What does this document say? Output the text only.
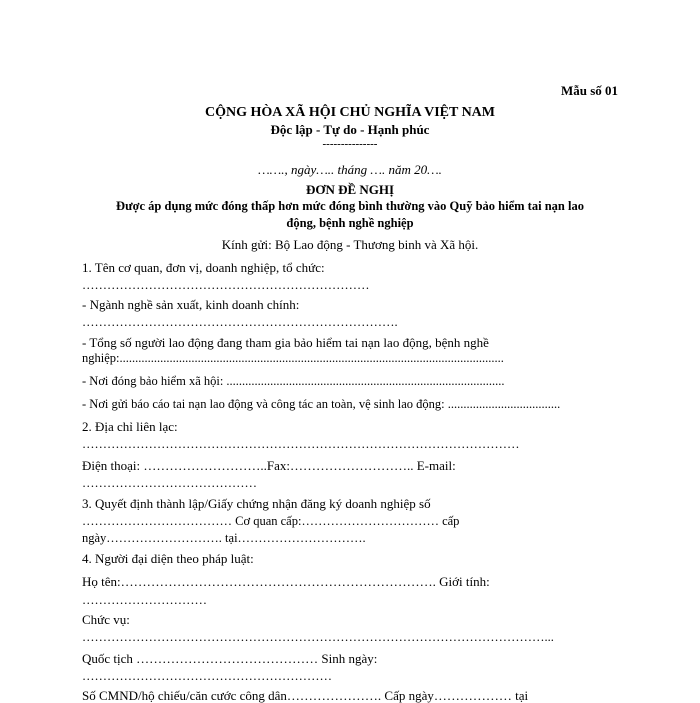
Mẫu số 01
CỘNG HÒA XÃ HỘI CHỦ NGHĨA VIỆT NAM
Độc lập - Tự do - Hạnh phúc
---------------
……., ngày….. tháng …. năm 20….
ĐƠN ĐỀ NGHỊ
Được áp dụng mức đóng thấp hơn mức đóng bình thường vào Quỹ bảo hiểm tai nạn lao
động, bệnh nghề nghiệp
Kính gửi: Bộ Lao động - Thương binh và Xã hội.
1. Tên cơ quan, đơn vị, doanh nghiệp, tổ chức:
……………………………………………………………
- Ngành nghề sản xuất, kinh doanh chính:
………………………………………………………………….
- Tổng số người lao động đang tham gia bảo hiểm tai nạn lao động, bệnh nghề
nghiệp:...........................................................................................................................
- Nơi đóng bảo hiểm xã hội: .........................................................................................
- Nơi gửi báo cáo tai nạn lao động và công tác an toàn, vệ sinh lao động: ....................................
2. Địa chỉ liên lạc:
……………………………………………………………………………………………
Điện thoại: ………………………..Fax:……………………….. E-mail:
……………………………………
3. Quyết định thành lập/Giấy chứng nhận đăng ký doanh nghiệp số
……………………………… Cơ quan cấp:…………………………… cấp
ngày………………………. tại………………………….
4. Người đại diện theo pháp luật:
Họ tên:………………………………………………………………. Giới tính:
…………………………
Chức vụ:
…………………………………………………………………………………………………...
Quốc tịch …………………………………… Sinh ngày:
……………………………………………………
Số CMND/hộ chiếu/căn cước công dân…………………. Cấp ngày……………… tại
